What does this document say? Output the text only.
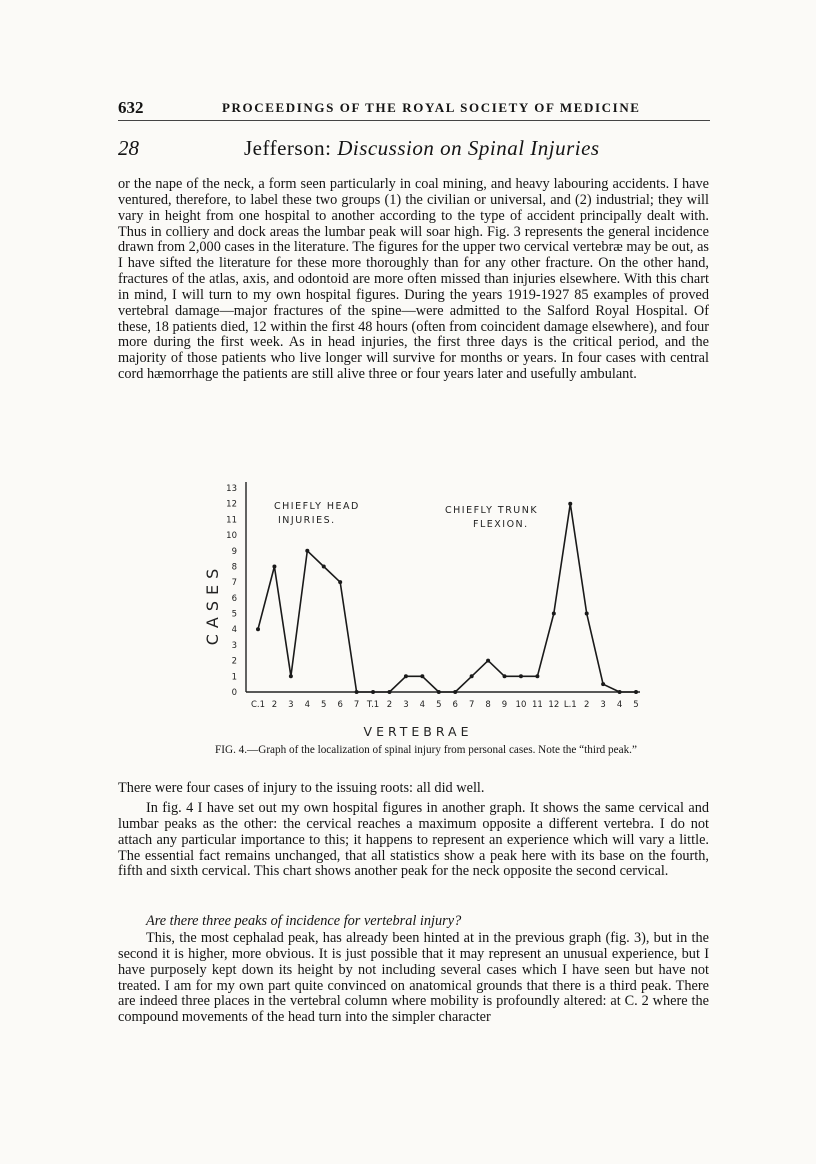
632	PROCEEDINGS OF THE ROYAL SOCIETY OF MEDICINE
28	Jefferson: Discussion on Spinal Injuries

or the nape of the neck, a form seen particularly in coal mining, and heavy labouring accidents. I have ventured, therefore, to label these two groups (1) the civilian or universal, and (2) industrial; they will vary in height from one hospital to another according to the type of accident principally dealt with. Thus in colliery and dock areas the lumbar peak will soar high. Fig. 3 represents the general incidence drawn from 2,000 cases in the literature. The figures for the upper two cervical vertebræ may be out, as I have sifted the literature for these more thoroughly than for any other fracture. On the other hand, fractures of the atlas, axis, and odontoid are more often missed than injuries elsewhere. With this chart in mind, I will turn to my own hospital figures. During the years 1919-1927 85 examples of proved vertebral damage—major fractures of the spine—were admitted to the Salford Royal Hospital. Of these, 18 patients died, 12 within the first 48 hours (often from coincident damage elsewhere), and four more during the first week. As in head injuries, the first three days is the critical period, and the majority of those patients who live longer will survive for months or years. In four cases with central cord hæmorrhage the patients are still alive three or four years later and usefully ambulant.

0
1
2
3
4
5
6
7
8
9
10
11
12
13
C.1 2 3 4 5 6 7 T.1 2 3 4 5 6 7 8 9 10 11 12 L.1 2 3 4 5
CASES
VERTEBRAE
CHIEFLY HEAD
INJURIES.
CHIEFLY TRUNK
FLEXION.
FIG. 4.—Graph of the localization of spinal injury from personal cases. Note the “third peak.”

There were four cases of injury to the issuing roots: all did well.

In fig. 4 I have set out my own hospital figures in another graph. It shows the same cervical and lumbar peaks as the other: the cervical reaches a maximum opposite a different vertebra. I do not attach any particular importance to this; it happens to represent an experience which will vary a little. The essential fact remains unchanged, that all statistics show a peak here with its base on the fourth, fifth and sixth cervical. This chart shows another peak for the neck opposite the second cervical.

Are there three peaks of incidence for vertebral injury?

This, the most cephalad peak, has already been hinted at in the previous graph (fig. 3), but in the second it is higher, more obvious. It is just possible that it may represent an unusual experience, but I have purposely kept down its height by not including several cases which I have seen but have not treated. I am for my own part quite convinced on anatomical grounds that there is a third peak. There are indeed three places in the vertebral column where mobility is profoundly altered: at C. 2 where the compound movements of the head turn into the simpler character
